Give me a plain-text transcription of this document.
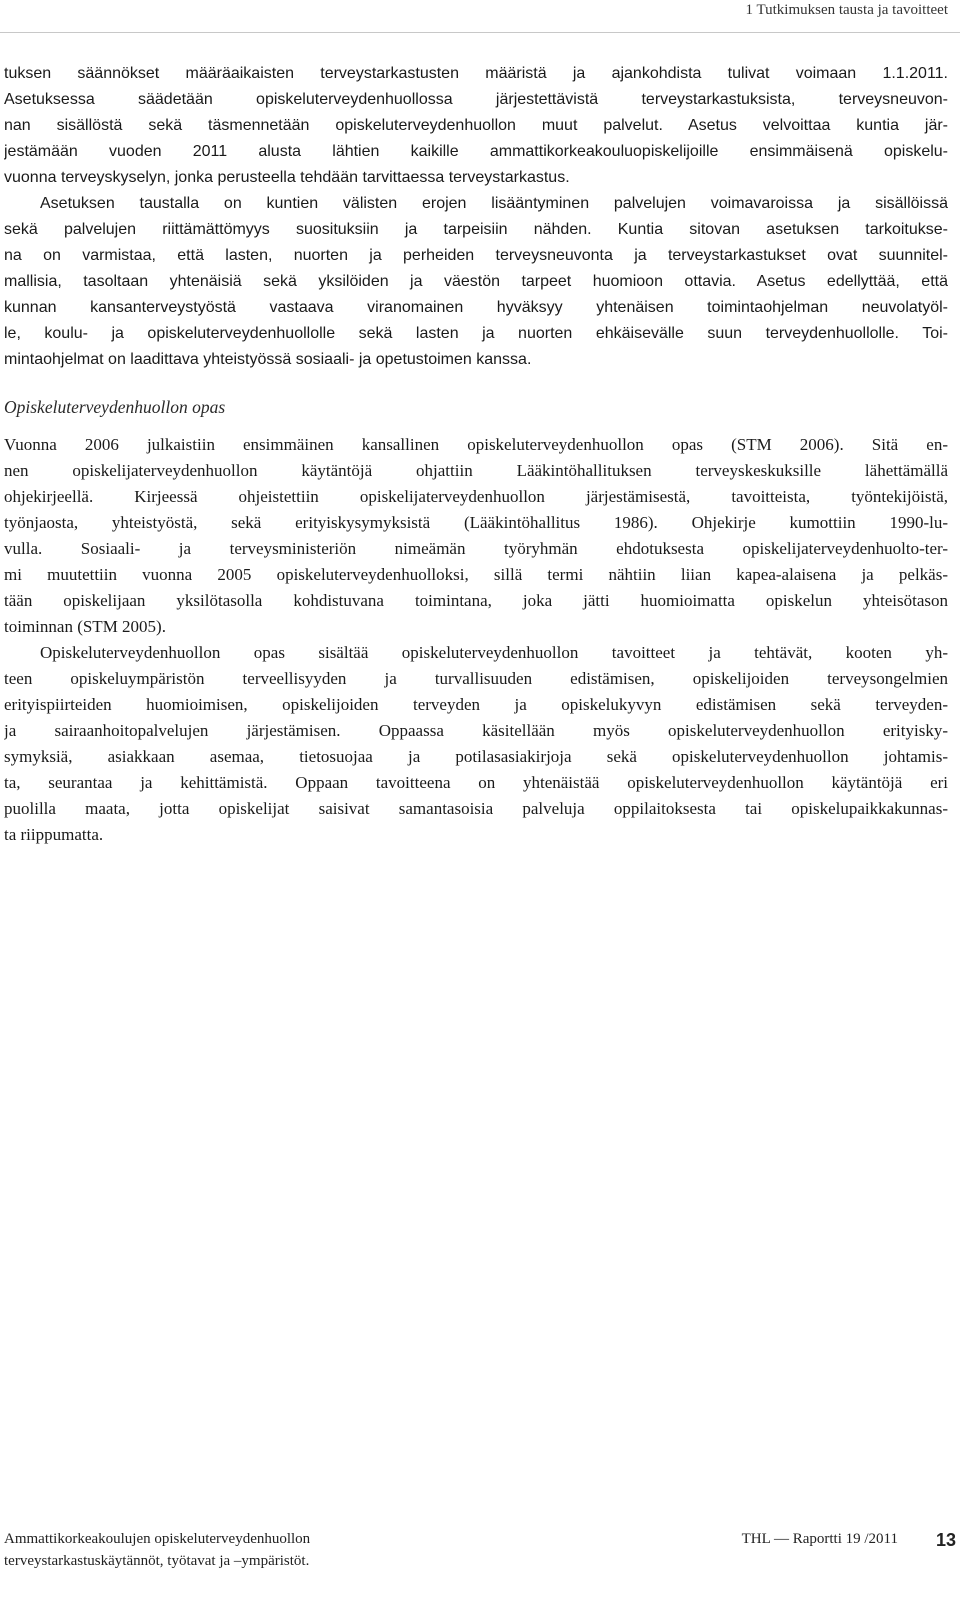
1 Tutkimuksen tausta ja tavoitteet
tuksen säännökset määräaikaisten terveystarkastusten määristä ja ajankohdista tulivat voimaan 1.1.2011.
Asetuksessa säädetään opiskeluterveydenhuollossa järjestettävistä terveystarkastuksista, terveysneuvon-
nan sisällöstä sekä täsmennetään opiskeluterveydenhuollon muut palvelut. Asetus velvoittaa kuntia jär-
jestämään vuoden 2011 alusta lähtien kaikille ammattikorkeakouluopiskelijoille ensimmäisenä opiskelu-
vuonna terveyskyselyn, jonka perusteella tehdään tarvittaessa terveystarkastus.
Asetuksen taustalla on kuntien välisten erojen lisääntyminen palvelujen voimavaroissa ja sisällöissä
sekä palvelujen riittämättömyys suosituksiin ja tarpeisiin nähden. Kuntia sitovan asetuksen tarkoitukse-
na on varmistaa, että lasten, nuorten ja perheiden terveysneuvonta ja terveystarkastukset ovat suunnitel-
mallisia, tasoltaan yhtenäisiä sekä yksilöiden ja väestön tarpeet huomioon ottavia. Asetus edellyttää, että
kunnan kansanterveystyöstä vastaava viranomainen hyväksyy yhtenäisen toimintaohjelman neuvolatyöl-
le, koulu- ja opiskeluterveydenhuollolle sekä lasten ja nuorten ehkäisevälle suun terveydenhuollolle. Toi-
mintaohjelmat on laadittava yhteistyössä sosiaali- ja opetustoimen kanssa.
Opiskeluterveydenhuollon opas
Vuonna 2006 julkaistiin ensimmäinen kansallinen opiskeluterveydenhuollon opas (STM 2006). Sitä en-
nen opiskelijaterveydenhuollon käytäntöjä ohjattiin Lääkintöhallituksen terveyskeskuksille lähettämällä
ohjekirjeellä. Kirjeessä ohjeistettiin opiskelijaterveydenhuollon järjestämisestä, tavoitteista, työntekijöistä,
työnjaosta, yhteistyöstä, sekä erityiskysymyksistä (Lääkintöhallitus 1986). Ohjekirje kumottiin 1990-lu-
vulla. Sosiaali- ja terveysministeriön nimeämän työryhmän ehdotuksesta opiskelijaterveydenhuolto-ter-
mi muutettiin vuonna 2005 opiskeluterveydenhuolloksi, sillä termi nähtiin liian kapea-alaisena ja pelkäs-
tään opiskelijaan yksilötasolla kohdistuvana toimintana, joka jätti huomioimatta opiskelun yhteisötason
toiminnan (STM 2005).
Opiskeluterveydenhuollon opas sisältää opiskeluterveydenhuollon tavoitteet ja tehtävät, kooten yh-
teen opiskeluympäristön terveellisyyden ja turvallisuuden edistämisen, opiskelijoiden terveysongelmien
erityispiirteiden huomioimisen, opiskelijoiden terveyden ja opiskelukyvyn edistämisen sekä terveyden-
ja sairaanhoitopalvelujen järjestämisen. Oppaassa käsitellään myös opiskeluterveydenhuollon erityisky-
symyksiä, asiakkaan asemaa, tietosuojaa ja potilasasiakirjoja sekä opiskeluterveydenhuollon johtamis-
ta, seurantaa ja kehittämistä. Oppaan tavoitteena on yhtenäistää opiskeluterveydenhuollon käytäntöjä eri
puolilla maata, jotta opiskelijat saisivat samantasoisia palveluja oppilaitoksesta tai opiskelupaikkakunnas-
ta riippumatta.
Ammattikorkeakoulujen opiskeluterveydenhuollon
terveystarkastuskäytännöt, työtavat ja –ympäristöt.
THL — Raportti 19 /2011 13
